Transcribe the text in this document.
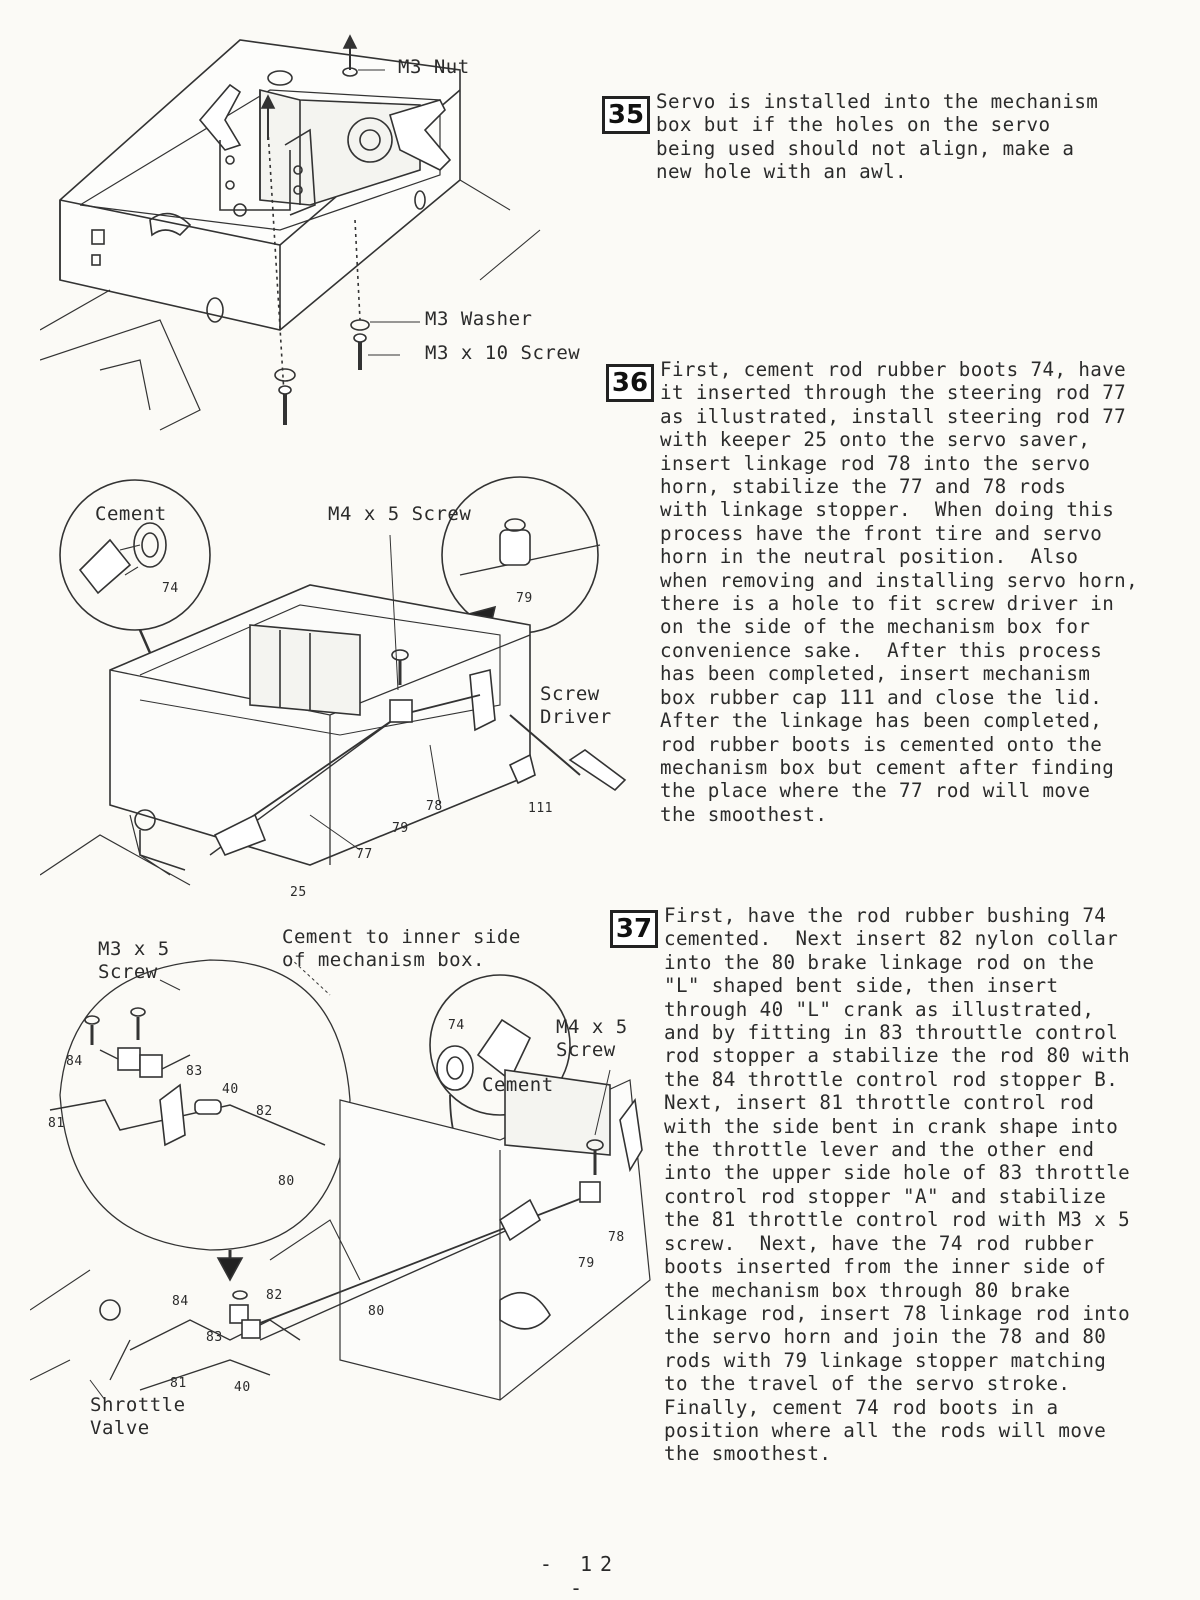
M3 Nut
M3 Washer
M3 x 10 Screw
Cement	M4 x 5 Screw
Screw
Driver
74
79
78
79
77
25
111
M3 x 5
Screw
Cement to inner side
of mechanism box.
M4 x 5
Screw
Cement
74
84
83
40
82
81
80
78
79
84	82
80
83
81	40
Shrottle
Valve
35 Servo is installed into the mechanism
box but if the holes on the servo
being used should not align, make a
new hole with an awl.

36 First, cement rod rubber boots 74, have
it inserted through the steering rod 77
as illustrated, install steering rod 77
with keeper 25 onto the servo saver,
insert linkage rod 78 into the servo
horn, stabilize the 77 and 78 rods
with linkage stopper.  When doing this
process have the front tire and servo
horn in the neutral position.  Also
when removing and installing servo horn,
there is a hole to fit screw driver in
on the side of the mechanism box for
convenience sake.  After this process
has been completed, insert mechanism
box rubber cap 111 and close the lid.
After the linkage has been completed,
rod rubber boots is cemented onto the
mechanism box but cement after finding
the place where the 77 rod will move
the smoothest.

37 First, have the rod rubber bushing 74
cemented.  Next insert 82 nylon collar
into the 80 brake linkage rod on the
"L" shaped bent side, then insert
through 40 "L" crank as illustrated,
and by fitting in 83 throuttle control
rod stopper a stabilize the rod 80 with
the 84 throttle control rod stopper B.
Next, insert 81 throttle control rod
with the side bent in crank shape into
the throttle lever and the other end
into the upper side hole of 83 throttle
control rod stopper "A" and stabilize
the 81 throttle control rod with M3 x 5
screw.  Next, have the 74 rod rubber
boots inserted from the inner side of
the mechanism box through 80 brake
linkage rod, insert 78 linkage rod into
the servo horn and join the 78 and 80
rods with 79 linkage stopper matching
to the travel of the servo stroke.
Finally, cement 74 rod boots in a
position where all the rods will move
the smoothest.

- 12 -
